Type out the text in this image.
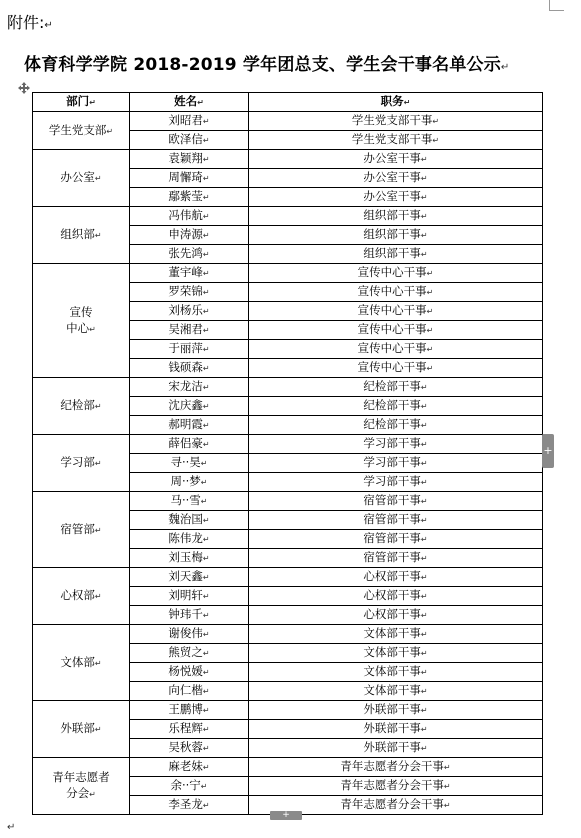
附件:↵
体育科学学院 2018-2019 学年团总支、学生会干事名单公示↵
部门↵	姓名↵	职务↵
学生党支部↵	刘昭君↵	学生党支部干事↵
	欧泽信↵	学生党支部干事↵
办公室↵	袁颖翔↵	办公室干事↵
	周懈琦↵	办公室干事↵
	鄢紫莹↵	办公室干事↵
组织部↵	冯伟航↵	组织部干事↵
	申涛源↵	组织部干事↵
	张先鸿↵	组织部干事↵
宣传
中心↵	董宇峰↵	宣传中心干事↵
	罗荣锦↵	宣传中心干事↵
	刘杨乐↵	宣传中心干事↵
	吴湘君↵	宣传中心干事↵
	于丽萍↵	宣传中心干事↵
	钱硕森↵	宣传中心干事↵
纪检部↵	宋龙洁↵	纪检部干事↵
	沈庆鑫↵	纪检部干事↵
	郝明霞↵	纪检部干事↵
学习部↵	薛侣豪↵	学习部干事↵
	寻··昊↵	学习部干事↵
	周··梦↵	学习部干事↵
宿管部↵	马··雪↵	宿管部干事↵
	魏治国↵	宿管部干事↵
	陈伟龙↵	宿管部干事↵
	刘玉梅↵	宿管部干事↵
心权部↵	刘天鑫↵	心权部干事↵
	刘明轩↵	心权部干事↵
	钟玮千↵	心权部干事↵
文体部↵	谢俊伟↵	文体部干事↵
	熊贸之↵	文体部干事↵
	杨悦媛↵	文体部干事↵
	向仁楷↵	文体部干事↵
外联部↵	王鹏博↵	外联部干事↵
	乐程辉↵	外联部干事↵
	吴秋蓉↵	外联部干事↵
青年志愿者
分会↵	麻老妹↵	青年志愿者分会干事↵
	余··宁↵	青年志愿者分会干事↵
	李圣龙↵	青年志愿者分会干事↵
+
+
↵
